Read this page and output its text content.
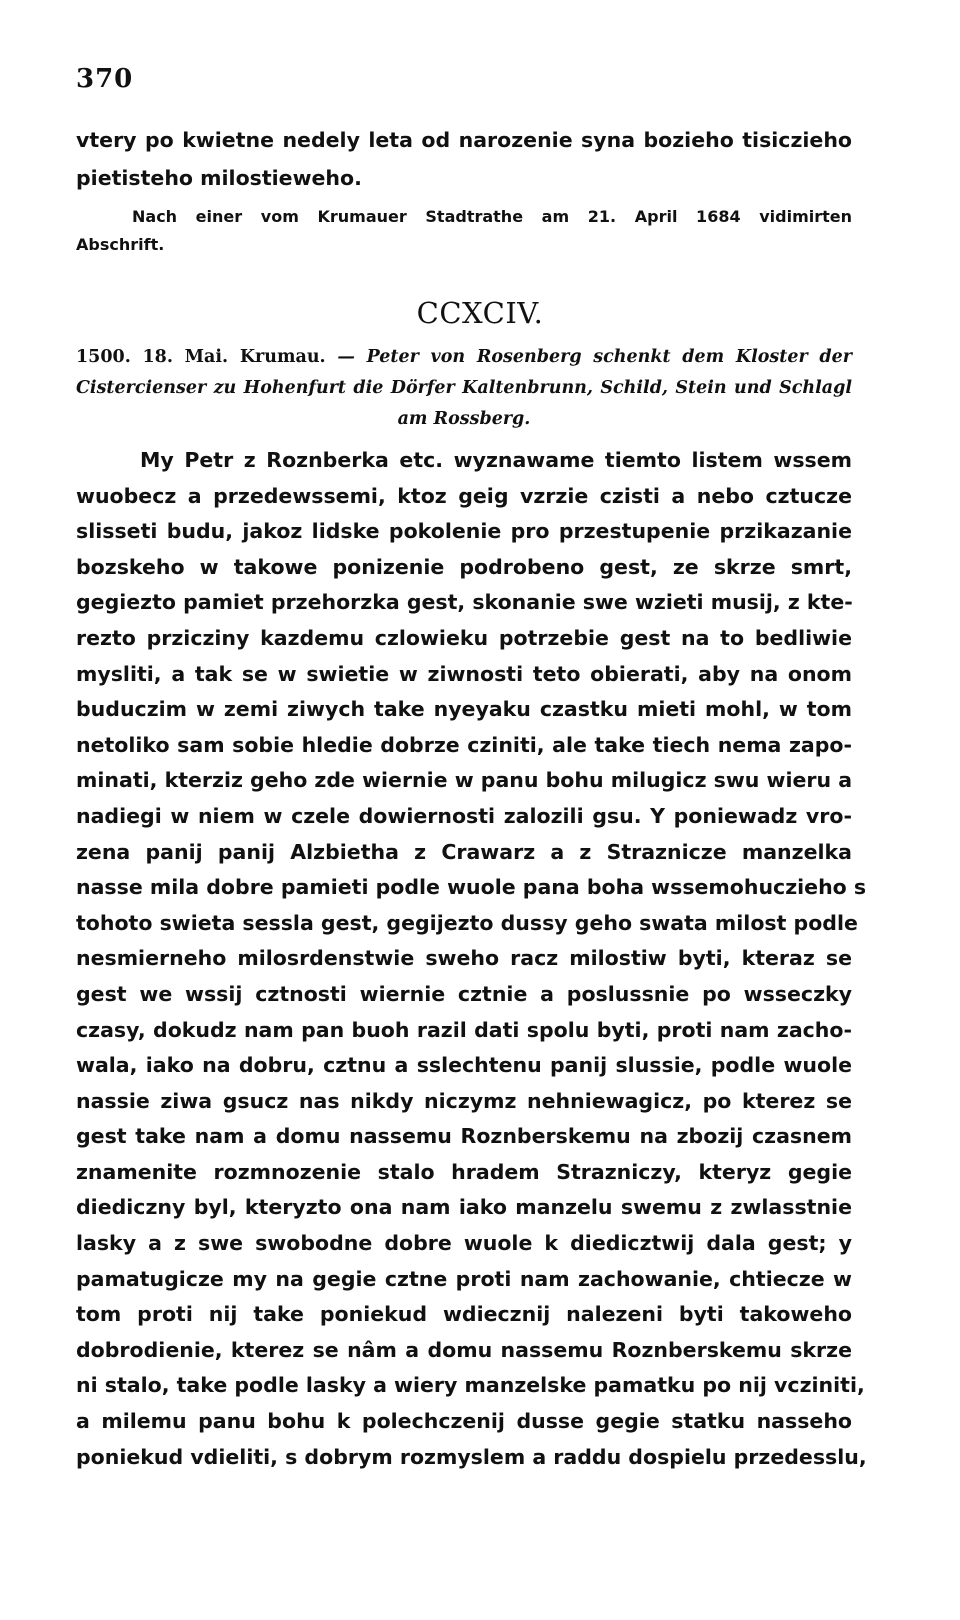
370
vtery po kwietne nedely leta od narozenie syna bozieho tisiczieho
pietisteho milostieweho.
Nach einer vom Krumauer Stadtrathe am 21. April 1684 vidimirten
Abschrift.
CCXCIV.
1500. 18. Mai. Krumau. — Peter von Rosenberg schenkt dem Kloster der
Cistercienser zu Hohenfurt die Dörfer Kaltenbrunn, Schild, Stein und Schlagl
am Rossberg.
My Petr z Roznberka etc. wyznawame tiemto listem wssem
wuobecz a przedewssemi, ktoz geig vzrzie czisti a nebo cztucze
slisseti budu, jakoz lidske pokolenie pro przestupenie przikazanie
bozskeho w takowe ponizenie podrobeno gest, ze skrze smrt,
gegiezto pamiet przehorzka gest, skonanie swe wzieti musij, z kte-
rezto prziczinу kazdemu czlowieku potrzebie gest na to bedliwie
mysliti, a tak se w swietie w ziwnosti teto obierati, aby na onom
buduczim w zemi ziwych take nyeyaku czastku mieti mohl, w tom
netoliko sam sobie hledie dobrze cziniti, ale take tiech nema zapo-
minati, kterziz geho zde wiernie w panu bohu milugicz swu wieru a
nadiegi w niem w czele dowiernosti zalozili gsu. Y poniewadz vro-
zena panij panij Alzbietha z Crawarz a z Straznicze manzelka
nasse mila dobre pamieti podle wuole pana boha wssemohuczieho s
tohoto swieta sessla gest, gegijezto dussy geho swata milost podle
nesmierneho milosrdenstwie sweho racz milostiw byti, kteraz se
gest we wssij cztnosti wiernie cztnie a poslussnie po wsseczky
czasy, dokudz nam pan buoh razil dati spolu byti, proti nam zacho-
wala, iako na dobru, cztnu a sslechtenu panij slussie, podle wuole
nassie ziwa gsucz nas nikdy niczymz nehniewagicz, po kterez se
gest take nam a domu nassemu Roznberskemu na zbozij czasnem
znamenite rozmnozenie stalo hradem Strazniczy, kteryz gegie
diediczny byl, kteryzto ona nam iako manzelu swemu z zwlasstnie
lasky a z swe swobodne dobre wuole k diedicztwij dala gest; y
pamatugicze my na gegie cztne proti nam zachowanie, chtiecze w
tom proti nij take poniekud wdiecznij nalezeni byti takoweho
dobrodienie, kterez se nâm a domu nassemu Roznberskemu skrze
ni stalo, take podle lasky a wiery manzelske pamatku po nij vcziniti,
a milemu panu bohu k polechczenij dusse gegie statku nasseho
poniekud vdieliti, s dobrym rozmyslem a raddu dospielu przedesslu,
